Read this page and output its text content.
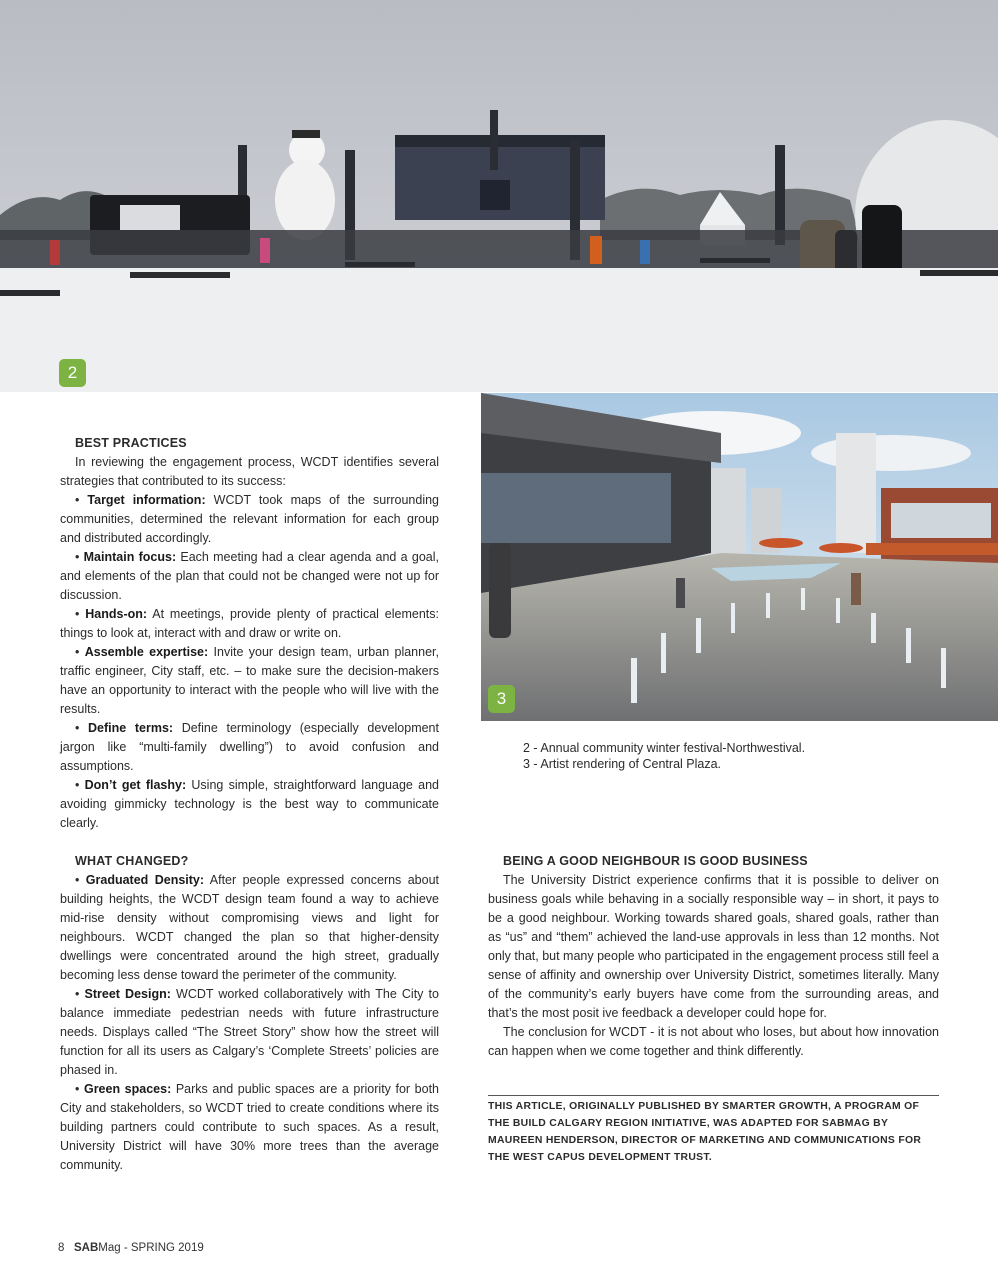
2
3
BEST PRACTICES

In reviewing the engagement process, WCDT identifies several strategies that contributed to its success:

• Target information: WCDT took maps of the surrounding communities, determined the relevant information for each group and distributed accordingly.

• Maintain focus: Each meeting had a clear agenda and a goal, and elements of the plan that could not be changed were not up for discussion.

• Hands-on: At meetings, provide plenty of practical elements: things to look at, interact with and draw or write on.

• Assemble expertise: Invite your design team, urban planner, traffic engineer, City staff, etc. – to make sure the decision-makers have an opportunity to interact with the people who will live with the results.

• Define terms: Define terminology (especially development jargon like “multi-family dwelling”) to avoid confusion and assumptions.

• Don’t get flashy: Using simple, straightforward language and avoiding gimmicky technology is the best way to communicate clearly.

WHAT CHANGED?

• Graduated Density: After people expressed concerns about building heights, the WCDT design team found a way to achieve mid-rise density without compromising views and light for neighbours. WCDT changed the plan so that higher-density dwellings were concentrated around the high street, gradually becoming less dense toward the perimeter of the community.

• Street Design: WCDT worked collaboratively with The City to balance immediate pedestrian needs with future infrastructure needs. Displays called “The Street Story” show how the street will function for all its users as Calgary’s ‘Complete Streets’ policies are phased in.

• Green spaces: Parks and public spaces are a priority for both City and stakeholders, so WCDT tried to create conditions where its building partners could contribute to such spaces. As a result, University District will have 30% more trees than the average community.

2 - Annual community winter festival-Northwestival.
3 - Artist rendering of Central Plaza.
BEING A GOOD NEIGHBOUR IS GOOD BUSINESS

The University District experience confirms that it is possible to deliver on business goals while behaving in a socially responsible way – in short, it pays to be a good neighbour. Working towards shared goals, shared goals, rather than as “us” and “them” achieved the land-use approvals in less than 12 months. Not only that, but many people who participated in the engagement process still feel a sense of affinity and ownership over University District, sometimes literally. Many of the community’s early buyers have come from the surrounding areas, and that’s the most posit ive feedback a developer could hope for.

The conclusion for WCDT - it is not about who loses, but about how innovation can happen when we come together and think differently.

THIS ARTICLE, ORIGINALLY PUBLISHED BY SMARTER GROWTH, A PROGRAM OF THE BUILD CALGARY REGION INITIATIVE, WAS ADAPTED FOR SABMAG BY MAUREEN HENDERSON, DIRECTOR OF MARKETING AND COMMUNICATIONS FOR THE WEST CAPUS DEVELOPMENT TRUST.
8 SABMag - SPRING 2019
